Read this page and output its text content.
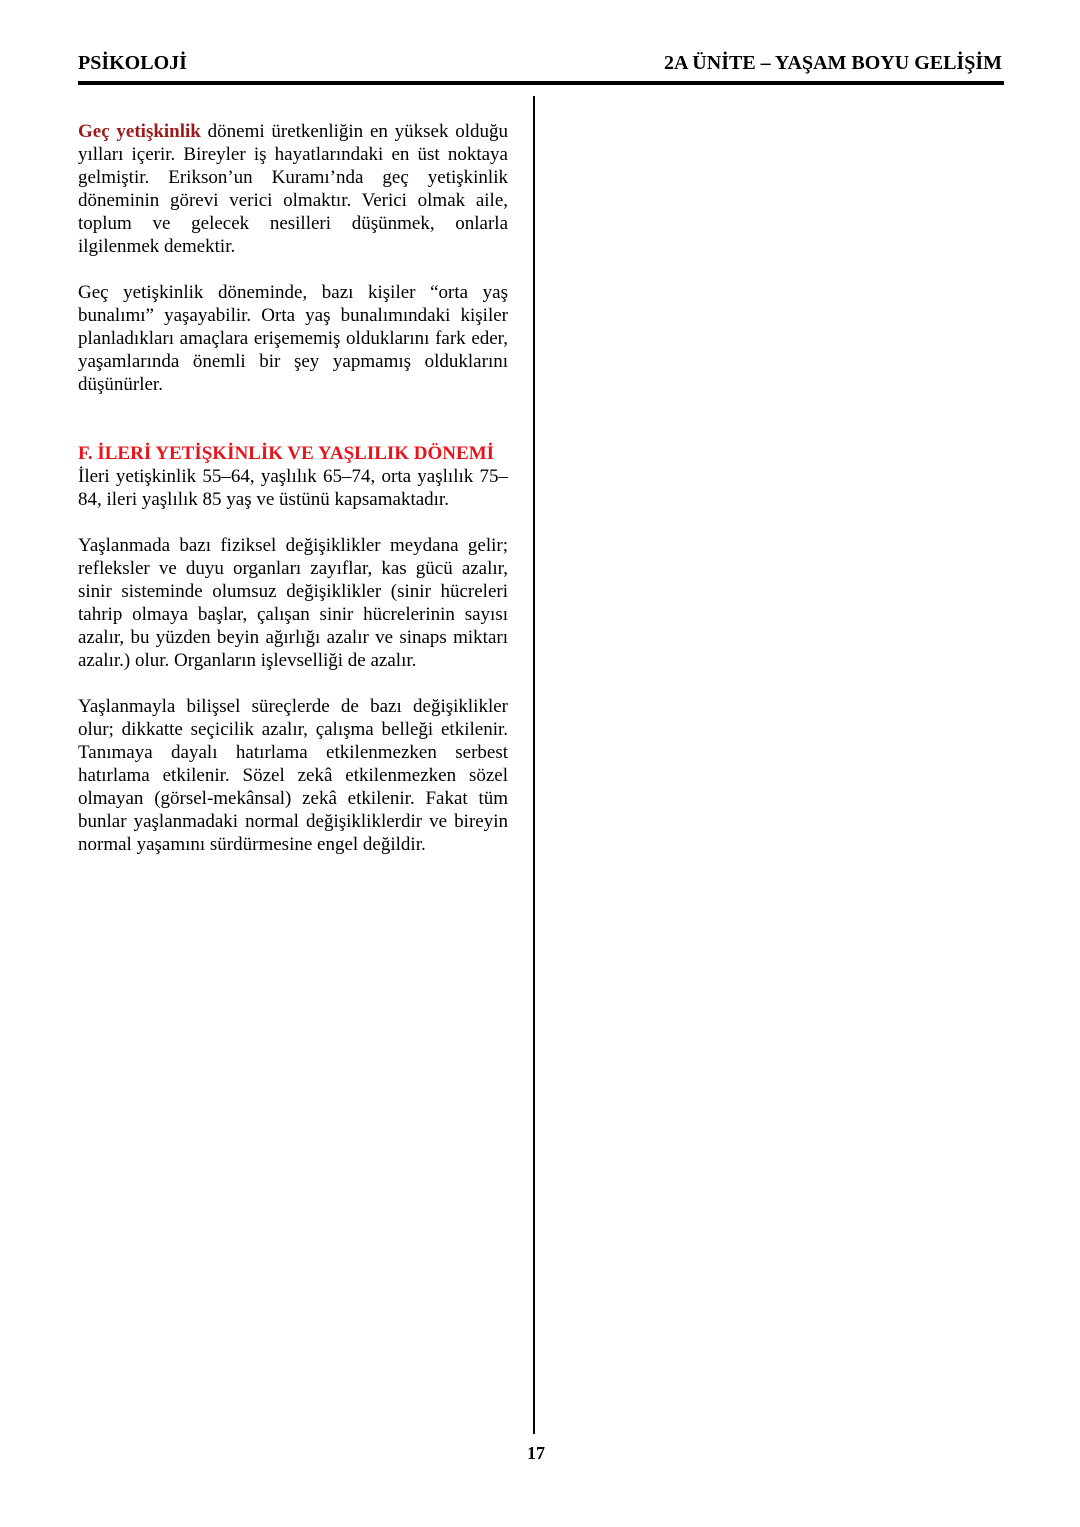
PSİKOLOJİ	2A ÜNİTE – YAŞAM BOYU GELİŞİM

Geç yetişkinlik dönemi üretkenliğin en yüksek olduğu yılları içerir. Bireyler iş hayatlarındaki en üst noktaya gelmiştir. Erikson’un Kuramı’nda geç yetişkinlik döneminin görevi verici olmaktır. Verici olmak aile, toplum ve gelecek nesilleri düşünmek, onlarla ilgilenmek demektir.

Geç yetişkinlik döneminde, bazı kişiler “orta yaş bunalımı” yaşayabilir. Orta yaş bunalımındaki kişiler planladıkları amaçlara erişememiş olduklarını fark eder, yaşamlarında önemli bir şey yapmamış olduklarını düşünürler.

F. İLERİ YETİŞKİNLİK VE YAŞLILIK DÖNEMİ

İleri yetişkinlik 55–64, yaşlılık 65–74, orta yaşlılık 75–84, ileri yaşlılık 85 yaş ve üstünü kapsamaktadır.

Yaşlanmada bazı fiziksel değişiklikler meydana gelir; refleksler ve duyu organları zayıflar, kas gücü azalır, sinir sisteminde olumsuz değişiklikler (sinir hücreleri tahrip olmaya başlar, çalışan sinir hücrelerinin sayısı azalır, bu yüzden beyin ağırlığı azalır ve sinaps miktarı azalır.) olur. Organların işlevselliği de azalır.

Yaşlanmayla bilişsel süreçlerde de bazı değişiklikler olur; dikkatte seçicilik azalır, çalışma belleği etkilenir. Tanımaya dayalı hatırlama etkilenmezken serbest hatırlama etkilenir. Sözel zekâ etkilenmezken sözel olmayan (görsel-mekânsal) zekâ etkilenir. Fakat tüm bunlar yaşlanmadaki normal değişikliklerdir ve bireyin normal yaşamını sürdürmesine engel değildir.

17
